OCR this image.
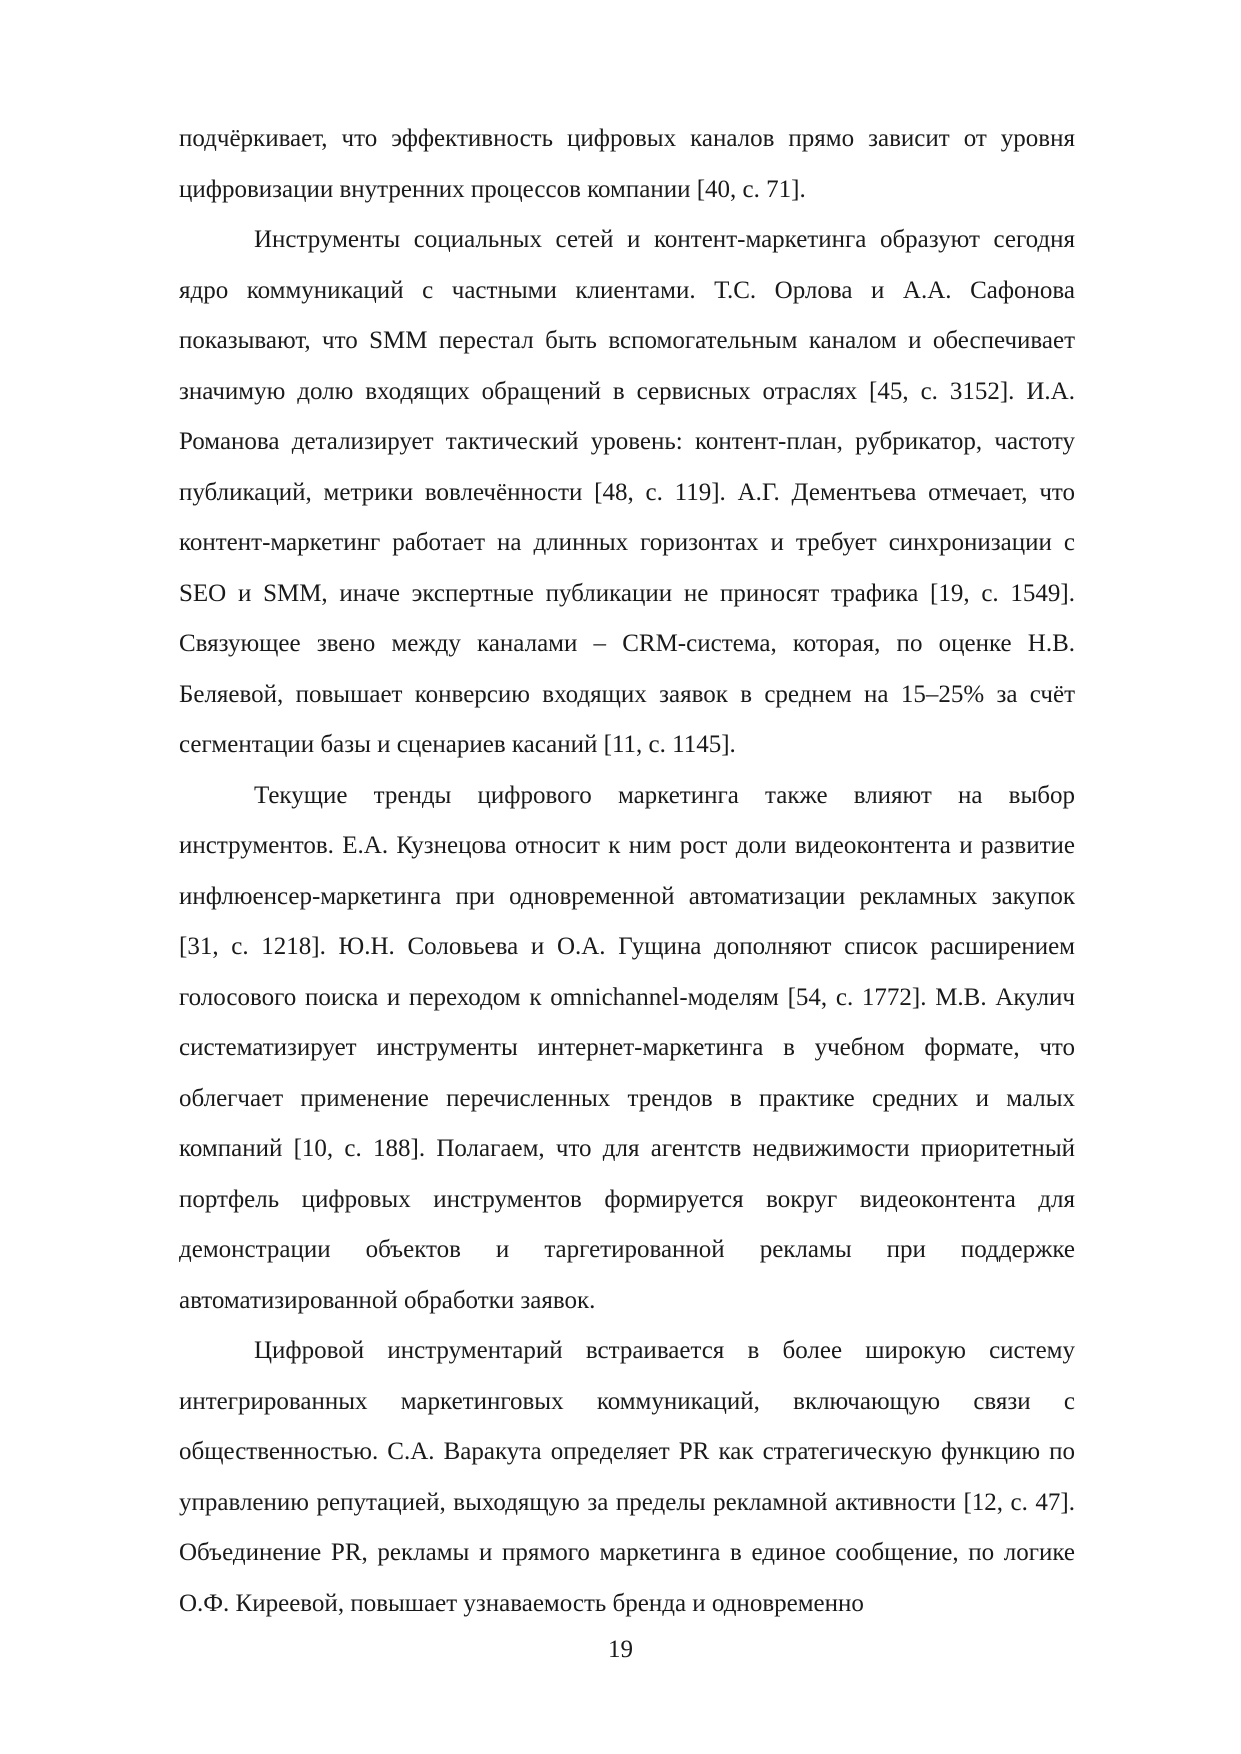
подчёркивает, что эффективность цифровых каналов прямо зависит от уровня цифровизации внутренних процессов компании [40, с. 71].

Инструменты социальных сетей и контент-маркетинга образуют сегодня ядро коммуникаций с частными клиентами. Т.С. Орлова и А.А. Сафонова показывают, что SMM перестал быть вспомогательным каналом и обеспечивает значимую долю входящих обращений в сервисных отраслях [45, с. 3152]. И.А. Романова детализирует тактический уровень: контент-план, рубрикатор, частоту публикаций, метрики вовлечённости [48, с. 119]. А.Г. Дементьева отмечает, что контент-маркетинг работает на длинных горизонтах и требует синхронизации с SEO и SMM, иначе экспертные публикации не приносят трафика [19, с. 1549]. Связующее звено между каналами – CRM-система, которая, по оценке Н.В. Беляевой, повышает конверсию входящих заявок в среднем на 15–25% за счёт сегментации базы и сценариев касаний [11, с. 1145].

Текущие тренды цифрового маркетинга также влияют на выбор инструментов. Е.А. Кузнецова относит к ним рост доли видеоконтента и развитие инфлюенсер-маркетинга при одновременной автоматизации рекламных закупок [31, с. 1218]. Ю.Н. Соловьева и О.А. Гущина дополняют список расширением голосового поиска и переходом к omnichannel-моделям [54, с. 1772]. М.В. Акулич систематизирует инструменты интернет-маркетинга в учебном формате, что облегчает применение перечисленных трендов в практике средних и малых компаний [10, с. 188]. Полагаем, что для агентств недвижимости приоритетный портфель цифровых инструментов формируется вокруг видеоконтента для демонстрации объектов и таргетированной рекламы при поддержке автоматизированной обработки заявок.

Цифровой инструментарий встраивается в более широкую систему интегрированных маркетинговых коммуникаций, включающую связи с общественностью. С.А. Варакута определяет PR как стратегическую функцию по управлению репутацией, выходящую за пределы рекламной активности [12, с. 47]. Объединение PR, рекламы и прямого маркетинга в единое сообщение, по логике О.Ф. Киреевой, повышает узнаваемость бренда и одновременно

19
